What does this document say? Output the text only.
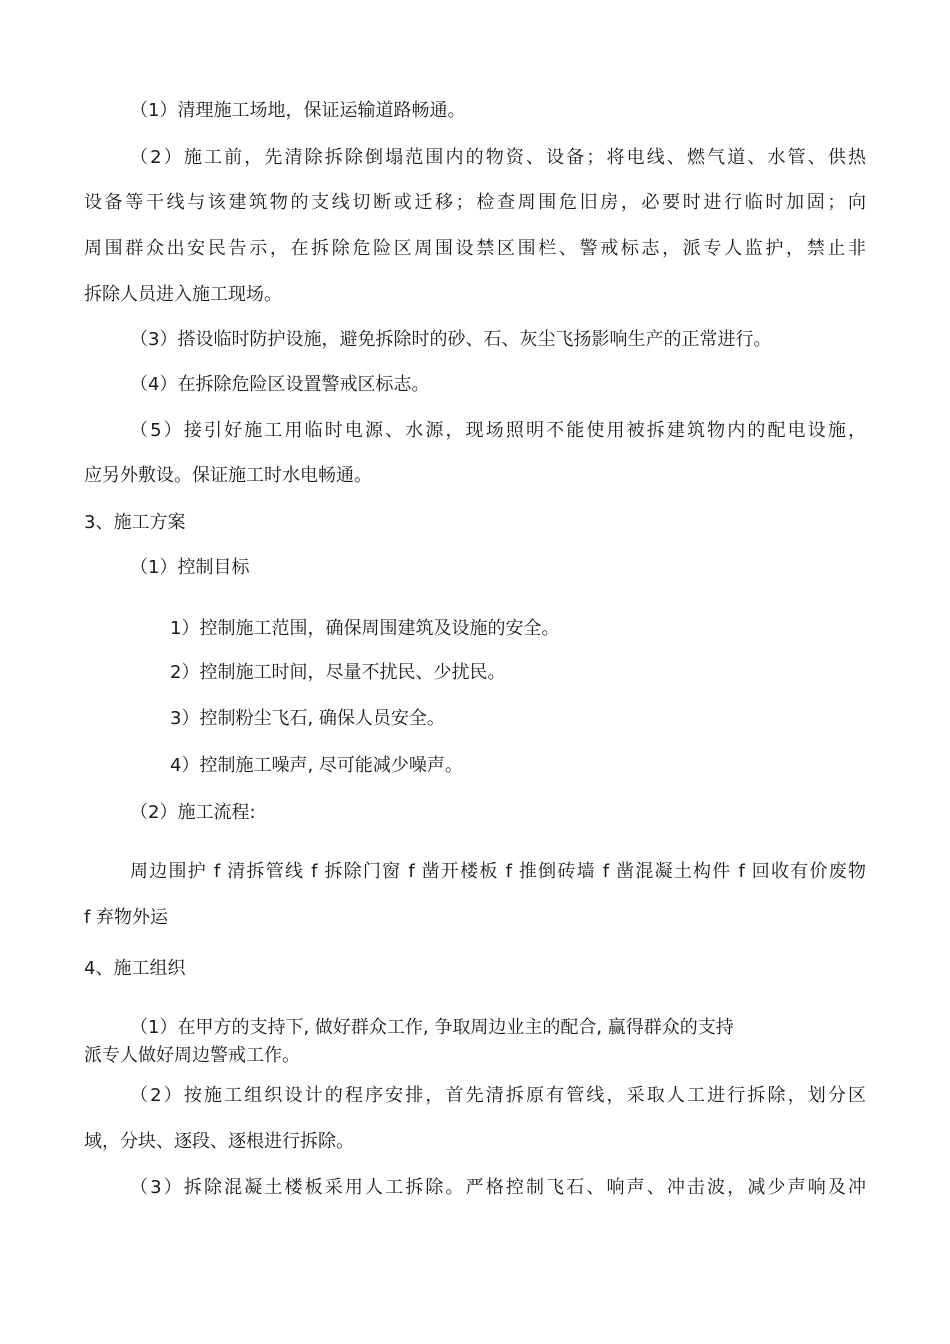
（1）清理施工场地，保证运输道路畅通。
（2）施工前，先清除拆除倒塌范围内的物资、设备；将电线、燃气道、水管、供热
设备等干线与该建筑物的支线切断或迁移；检查周围危旧房，必要时进行临时加固；向
周围群众出安民告示，在拆除危险区周围设禁区围栏、警戒标志，派专人监护，禁止非
拆除人员进入施工现场。
（3）搭设临时防护设施，避免拆除时的砂、石、灰尘飞扬影响生产的正常进行。
（4）在拆除危险区设置警戒区标志。
（5）接引好施工用临时电源、水源，现场照明不能使用被拆建筑物内的配电设施，
应另外敷设。保证施工时水电畅通。
3、施工方案
（1）控制目标
1）控制施工范围，确保周围建筑及设施的安全。
2）控制施工时间，尽量不扰民、少扰民。
3）控制粉尘飞石, 确保人员安全。
4）控制施工噪声, 尽可能减少噪声。
（2）施工流程:
周边围护 f 清拆管线 f 拆除门窗 f 凿开楼板 f 推倒砖墙 f 凿混凝土构件 f 回收有价废物
f 弃物外运
4、施工组织
（1）在甲方的支持下, 做好群众工作, 争取周边业主的配合, 赢得群众的支持
派专人做好周边警戒工作。
（2）按施工组织设计的程序安排，首先清拆原有管线，采取人工进行拆除，划分区
域，分块、逐段、逐根进行拆除。
（3）拆除混凝土楼板采用人工拆除。严格控制飞石、响声、冲击波，减少声响及冲
